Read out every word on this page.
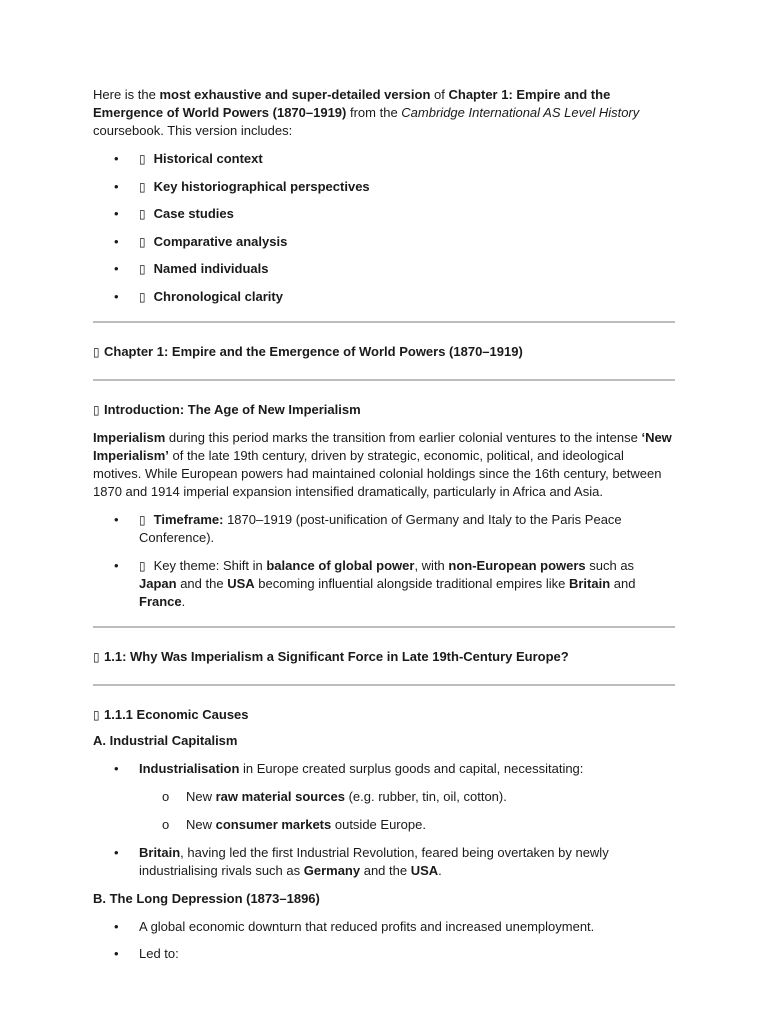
Here is the most exhaustive and super-detailed version of Chapter 1: Empire and the Emergence of World Powers (1870–1919) from the Cambridge International AS Level History coursebook. This version includes:

• ▯ Historical context
• ▯ Key historiographical perspectives
• ▯ Case studies
• ▯ Comparative analysis
• ▯ Named individuals
• ▯ Chronological clarity

▯ Chapter 1: Empire and the Emergence of World Powers (1870–1919)

▯ Introduction: The Age of New Imperialism

Imperialism during this period marks the transition from earlier colonial ventures to the intense ‘New Imperialism’ of the late 19th century, driven by strategic, economic, political, and ideological motives. While European powers had maintained colonial holdings since the 16th century, between 1870 and 1914 imperial expansion intensified dramatically, particularly in Africa and Asia.

• ▯ Timeframe: 1870–1919 (post-unification of Germany and Italy to the Paris Peace Conference).
• ▯ Key theme: Shift in balance of global power, with non-European powers such as Japan and the USA becoming influential alongside traditional empires like Britain and France.

▯ 1.1: Why Was Imperialism a Significant Force in Late 19th-Century Europe?

▯ 1.1.1 Economic Causes

A. Industrial Capitalism

• Industrialisation in Europe created surplus goods and capital, necessitating:
o New raw material sources (e.g. rubber, tin, oil, cotton).
o New consumer markets outside Europe.
• Britain, having led the first Industrial Revolution, feared being overtaken by newly industrialising rivals such as Germany and the USA.

B. The Long Depression (1873–1896)

• A global economic downturn that reduced profits and increased unemployment.
• Led to:
